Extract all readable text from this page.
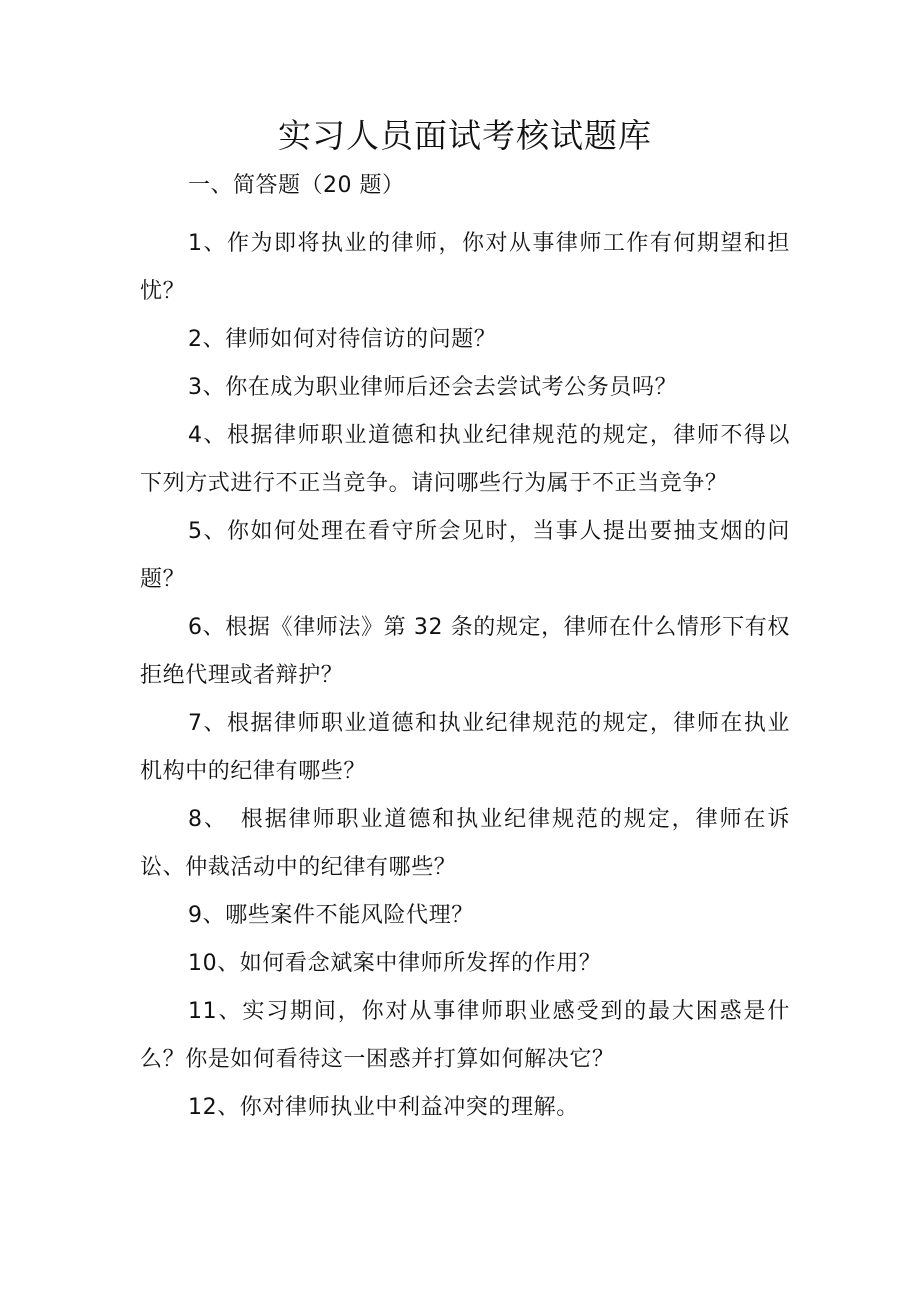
实习人员面试考核试题库
一、简答题（20 题）
1、作为即将执业的律师，你对从事律师工作有何期望和担忧？
2、律师如何对待信访的问题？
3、你在成为职业律师后还会去尝试考公务员吗？
4、根据律师职业道德和执业纪律规范的规定，律师不得以下列方式进行不正当竞争。请问哪些行为属于不正当竞争？
5、你如何处理在看守所会见时，当事人提出要抽支烟的问题？
6、根据《律师法》第 32 条的规定，律师在什么情形下有权拒绝代理或者辩护？
7、根据律师职业道德和执业纪律规范的规定，律师在执业机构中的纪律有哪些？
8、　根据律师职业道德和执业纪律规范的规定，律师在诉讼、仲裁活动中的纪律有哪些？
9、哪些案件不能风险代理？
10、如何看念斌案中律师所发挥的作用？
11、实习期间，你对从事律师职业感受到的最大困惑是什么？你是如何看待这一困惑并打算如何解决它？
12、你对律师执业中利益冲突的理解。
